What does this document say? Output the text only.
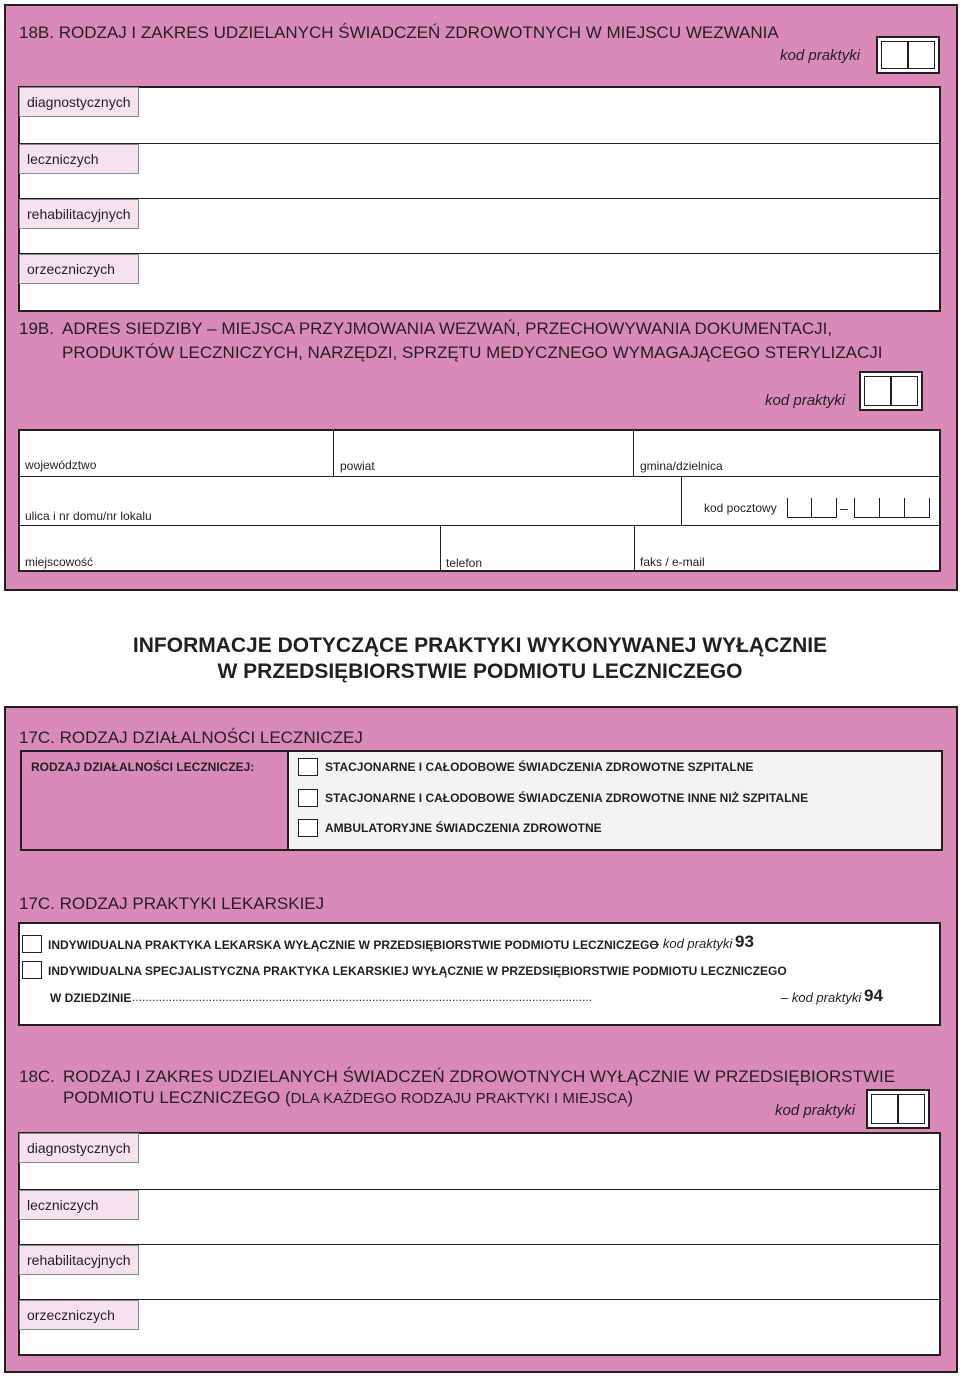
18B. RODZAJ I ZAKRES UDZIELANYCH ŚWIADCZEŃ ZDROWOTNYCH W MIEJSCU WEZWANIA
kod praktyki
diagnostycznych
leczniczych
rehabilitacyjnych
orzeczniczych
19B. ADRES SIEDZIBY – MIEJSCA PRZYJMOWANIA WEZWAŃ, PRZECHOWYWANIA DOKUMENTACJI,
PRODUKTÓW LECZNICZYCH, NARZĘDZI, SPRZĘTU MEDYCZNEGO WYMAGAJĄCEGO STERYLIZACJI
kod praktyki
województwo	powiat	gmina/dzielnica
ulica i nr domu/nr lokalu
kod pocztowy	–
miejscowość	telefon	faks / e-mail
INFORMACJE DOTYCZĄCE PRAKTYKI WYKONYWANEJ WYŁĄCZNIE
W PRZEDSIĘBIORSTWIE PODMIOTU LECZNICZEGO
17C. RODZAJ DZIAŁALNOŚCI LECZNICZEJ
RODZAJ DZIAŁALNOŚCI LECZNICZEJ:	STACJONARNE I CAŁODOBOWE ŚWIADCZENIA ZDROWOTNE SZPITALNE
STACJONARNE I CAŁODOBOWE ŚWIADCZENIA ZDROWOTNE INNE NIŻ SZPITALNE
AMBULATORYJNE ŚWIADCZENIA ZDROWOTNE
17C. RODZAJ PRAKTYKI LEKARSKIEJ
INDYWIDUALNA PRAKTYKA LEKARSKA WYŁĄCZNIE W PRZEDSIĘBIORSTWIE PODMIOTU LECZNICZEGO
– kod praktyki 93
INDYWIDUALNA SPECJALISTYCZNA PRAKTYKA LEKARSKIEJ WYŁĄCZNIE W PRZEDSIĘBIORSTWIE PODMIOTU LECZNICZEGO
W DZIEDZINIE ..........................................................................................................................................	– kod praktyki 94
18C. RODZAJ I ZAKRES UDZIELANYCH ŚWIADCZEŃ ZDROWOTNYCH WYŁĄCZNIE W PRZEDSIĘBIORSTWIE
PODMIOTU LECZNICZEGO (DLA KAŻDEGO RODZAJU PRAKTYKI I MIEJSCA)
kod praktyki
diagnostycznych
leczniczych
rehabilitacyjnych
orzeczniczych
